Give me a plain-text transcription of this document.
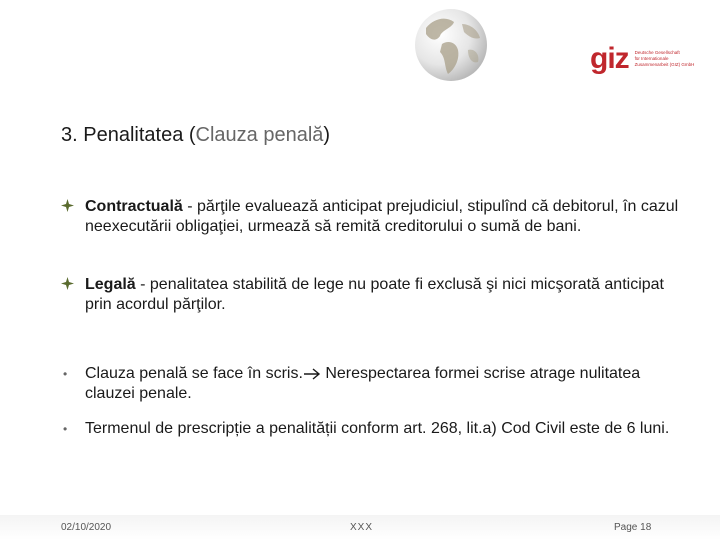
giz Deutsche Gesellschaft
für Internationale
Zusammenarbeit (GIZ) GmbH
3. Penalitatea (Clauza penală)
Contractuală - părţile evaluează anticipat prejudiciul, stipulînd că debitorul, în cazul neexecutării obligaţiei, urmează să remită creditorului o sumă de bani.
Legală - penalitatea stabilită de lege nu poate fi exclusă şi nici micşorată anticipat prin acordul părţilor.
•	Clauza penală se face în scris. Nerespectarea formei scrise atrage nulitatea clauzei penale.
•	Termenul de prescripție a penalității conform art. 268, lit.a) Cod Civil este de 6 luni.
02/10/2020	XXX	Page 18
